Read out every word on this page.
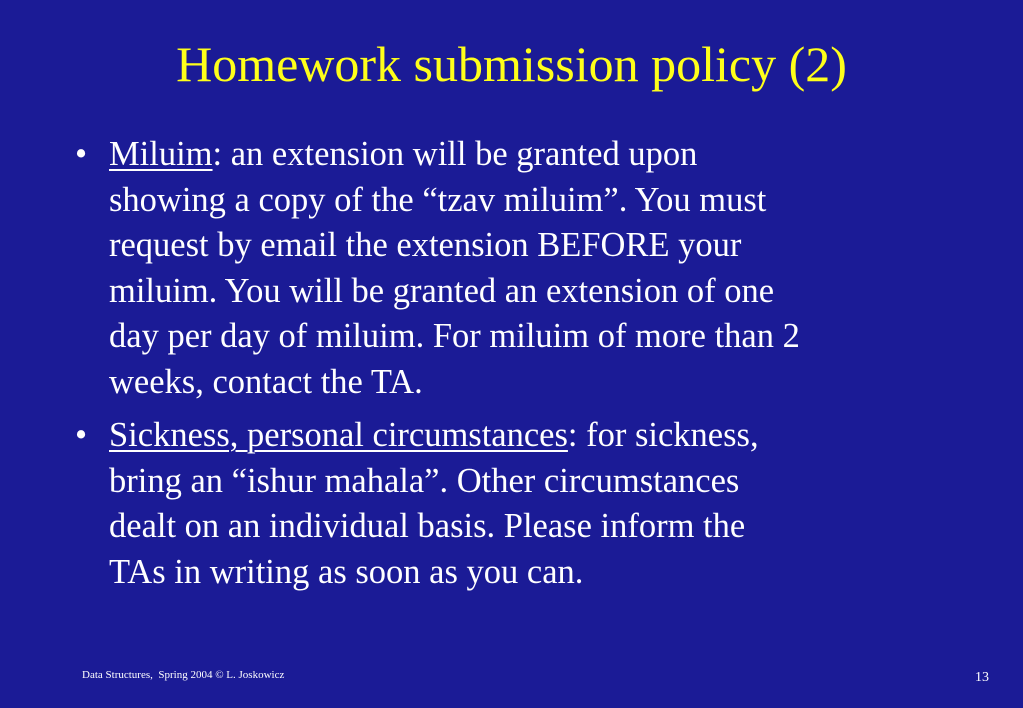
Homework submission policy (2)
• Miluim: an extension will be granted upon
showing a copy of the “tzav miluim”. You must
request by email the extension BEFORE your
miluim. You will be granted an extension of one
day per day of miluim. For miluim of more than 2
weeks, contact the TA.
• Sickness, personal circumstances: for sickness,
bring an “ishur mahala”. Other circumstances
dealt on an individual basis. Please inform the
TAs in writing as soon as you can.
Data Structures,  Spring 2004 © L. Joskowicz	13
